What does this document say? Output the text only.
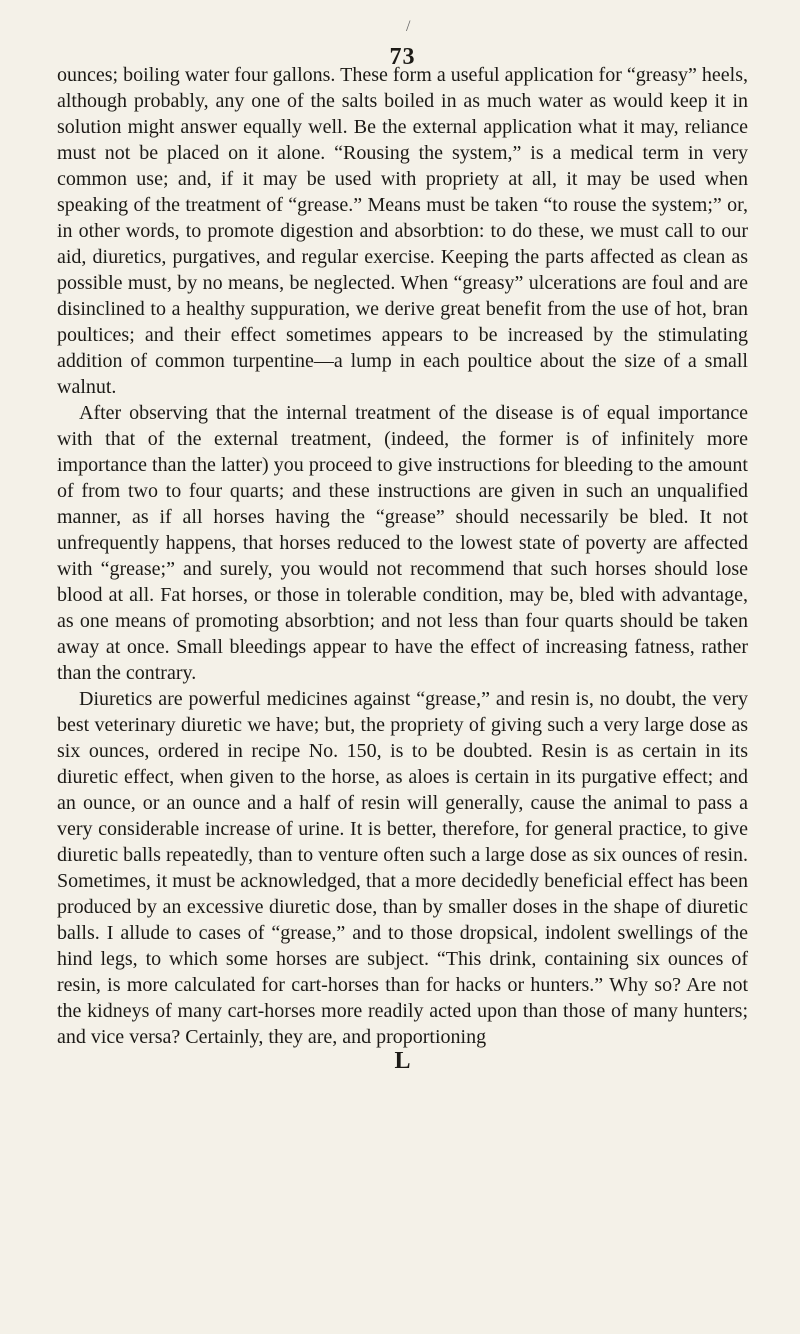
/
73

ounces; boiling water four gallons. These form a useful application for “greasy” heels, although probably, any one of the salts boiled in as much water as would keep it in solution might answer equally well. Be the external application what it may, reliance must not be placed on it alone. “Rousing the system,” is a medical term in very common use; and, if it may be used with propriety at all, it may be used when speaking of the treatment of “grease.” Means must be taken “to rouse the system;” or, in other words, to promote digestion and absorbtion: to do these, we must call to our aid, diuretics, purgatives, and regular exercise. Keeping the parts affected as clean as possible must, by no means, be neglected. When “greasy” ulcerations are foul and are disinclined to a healthy suppuration, we derive great benefit from the use of hot, bran poultices; and their effect sometimes appears to be increased by the stimulating addition of common turpentine—a lump in each poultice about the size of a small walnut.

After observing that the internal treatment of the disease is of equal importance with that of the external treatment, (indeed, the former is of infinitely more importance than the latter) you proceed to give instructions for bleeding to the amount of from two to four quarts; and these instructions are given in such an unqualified manner, as if all horses having the “grease” should necessarily be bled. It not unfrequently happens, that horses reduced to the lowest state of poverty are affected with “grease;” and surely, you would not recommend that such horses should lose blood at all. Fat horses, or those in tolerable condition, may be, bled with advantage, as one means of promoting absorbtion; and not less than four quarts should be taken away at once. Small bleedings appear to have the effect of increasing fatness, rather than the contrary.

Diuretics are powerful medicines against “grease,” and resin is, no doubt, the very best veterinary diuretic we have; but, the propriety of giving such a very large dose as six ounces, ordered in recipe No. 150, is to be doubted. Resin is as certain in its diuretic effect, when given to the horse, as aloes is certain in its purgative effect; and an ounce, or an ounce and a half of resin will generally, cause the animal to pass a very considerable increase of urine. It is better, therefore, for general practice, to give diuretic balls repeatedly, than to venture often such a large dose as six ounces of resin. Sometimes, it must be acknowledged, that a more decidedly beneficial effect has been produced by an excessive diuretic dose, than by smaller doses in the shape of diuretic balls. I allude to cases of “grease,” and to those dropsical, indolent swellings of the hind legs, to which some horses are subject. “This drink, containing six ounces of resin, is more calculated for cart-horses than for hacks or hunters.” Why so? Are not the kidneys of many cart-horses more readily acted upon than those of many hunters; and vice versa? Certainly, they are, and proportioning

L
